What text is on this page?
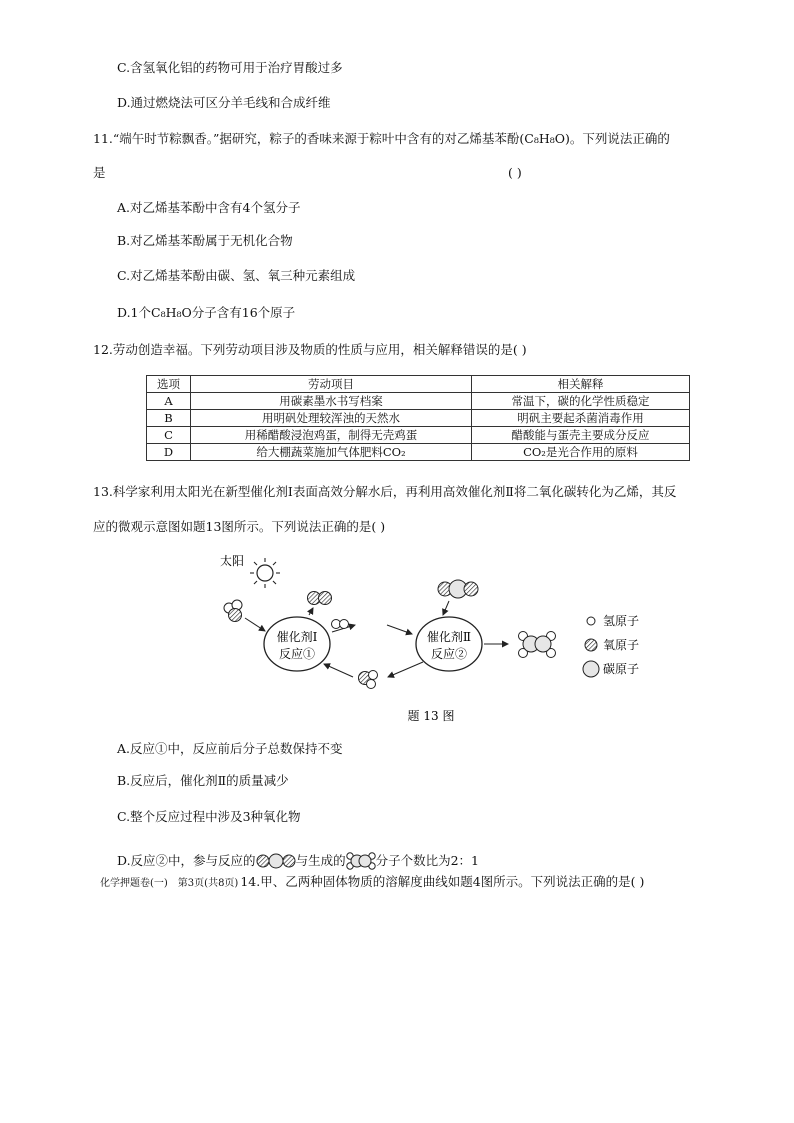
C.含氢氧化铝的药物可用于治疗胃酸过多
D.通过燃烧法可区分羊毛线和合成纤维
11.“端午时节粽飘香。”据研究，粽子的香味来源于粽叶中含有的对乙烯基苯酚(C₈H₈O)。下列说法正确的
是	( )
A.对乙烯基苯酚中含有4个氢分子
B.对乙烯基苯酚属于无机化合物
C.对乙烯基苯酚由碳、氢、氧三种元素组成
D.1个C₈H₈O分子含有16个原子
12.劳动创造幸福。下列劳动项目涉及物质的性质与应用，相关解释错误的是( )
选项	劳动项目	相关解释
A	用碳素墨水书写档案	常温下，碳的化学性质稳定
B	用明矾处理较浑浊的天然水	明矾主要起杀菌消毒作用
C	用稀醋酸浸泡鸡蛋，制得无壳鸡蛋	醋酸能与蛋壳主要成分反应
D	给大棚蔬菜施加气体肥料CO₂	CO₂是光合作用的原料
13.科学家利用太阳光在新型催化剂Ⅰ表面高效分解水后，再利用高效催化剂Ⅱ将二氧化碳转化为乙烯，其反
应的微观示意图如题13图所示。下列说法正确的是( )
太阳
催化剂Ⅰ
反应①
催化剂Ⅱ
反应②
氢原子
氧原子
碳原子
题 13 图
A.反应①中，反应前后分子总数保持不变
B.反应后，催化剂Ⅱ的质量减少
C.整个反应过程中涉及3种氧化物
D.反应②中，参与反应的	与生成的 分子个数比为2：1
化学押题卷(一)　第3页(共8页) 14.甲、乙两种固体物质的溶解度曲线如题4图所示。下列说法正确的是( )
